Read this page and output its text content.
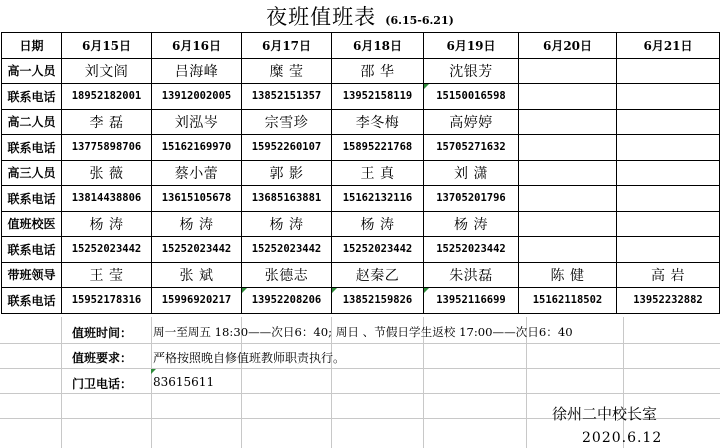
夜班值班表 (6.15-6.21)
日期	6月15日	6月16日	6月17日	6月18日	6月19日	6月20日	6月21日
高一人员	刘文阎	吕海峰	糜 莹	邵 华	沈银芳		
联系电话	18952182001	13912002005	13852151357	13952158119	15150016598		
高二人员	李 磊	刘泓岑	宗雪珍	李冬梅	高婷婷		
联系电话	13775898706	15162169970	15952260107	15895221768	15705271632		
高三人员	张 薇	蔡小蕾	郭 影	王 真	刘 潇		
联系电话	13814438806	13615105678	13685163881	15162132116	13705201796		
值班校医	杨 涛	杨 涛	杨 涛	杨 涛	杨 涛		
联系电话	15252023442	15252023442	15252023442	15252023442	15252023442		
带班领导	王 莹	张 斌	张德志	赵秦乙	朱洪磊	陈 健	高 岩
联系电话	15952178316	15996920217	13952208206	13852159826	13952116699	15162118502	13952232882
值班时间： 周一至周五 18:30——次日6：40; 周日 、节假日学生返校 17:00——次日6：40
值班要求： 严格按照晚自修值班教师职责执行。
门卫电话： 83615611
徐州二中校长室
2020.6.12
